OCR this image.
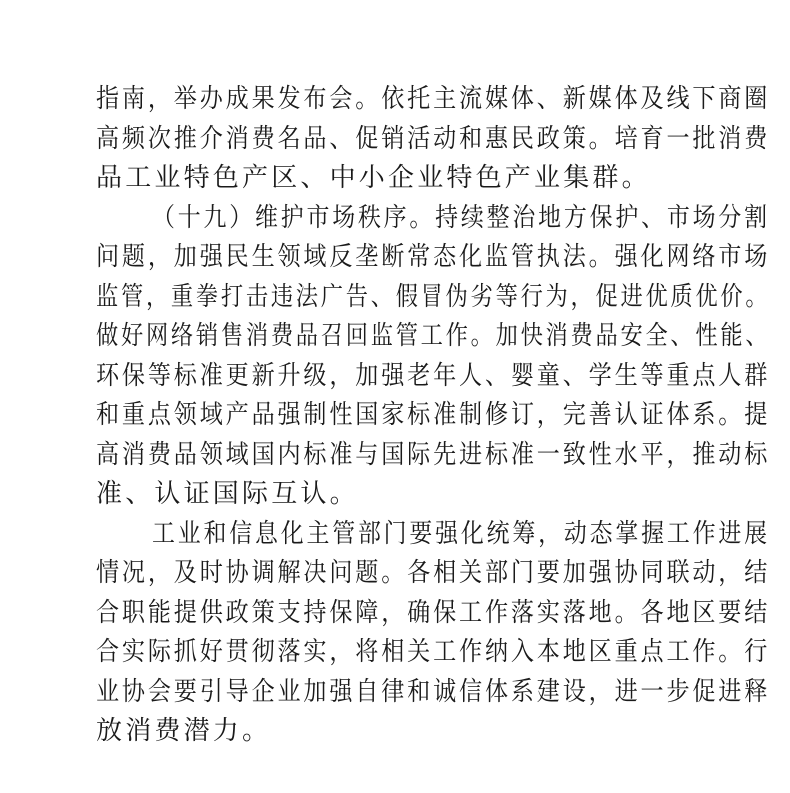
指南，举办成果发布会。依托主流媒体、新媒体及线下商圈
高频次推介消费名品、促销活动和惠民政策。培育一批消费
品工业特色产区、中小企业特色产业集群。
（十九）维护市场秩序。持续整治地方保护、市场分割
问题，加强民生领域反垄断常态化监管执法。强化网络市场
监管，重拳打击违法广告、假冒伪劣等行为，促进优质优价。
做好网络销售消费品召回监管工作。加快消费品安全、性能、
环保等标准更新升级，加强老年人、婴童、学生等重点人群
和重点领域产品强制性国家标准制修订，完善认证体系。提
高消费品领域国内标准与国际先进标准一致性水平，推动标
准、认证国际互认。
工业和信息化主管部门要强化统筹，动态掌握工作进展
情况，及时协调解决问题。各相关部门要加强协同联动，结
合职能提供政策支持保障，确保工作落实落地。各地区要结
合实际抓好贯彻落实，将相关工作纳入本地区重点工作。行
业协会要引导企业加强自律和诚信体系建设，进一步促进释
放消费潜力。
